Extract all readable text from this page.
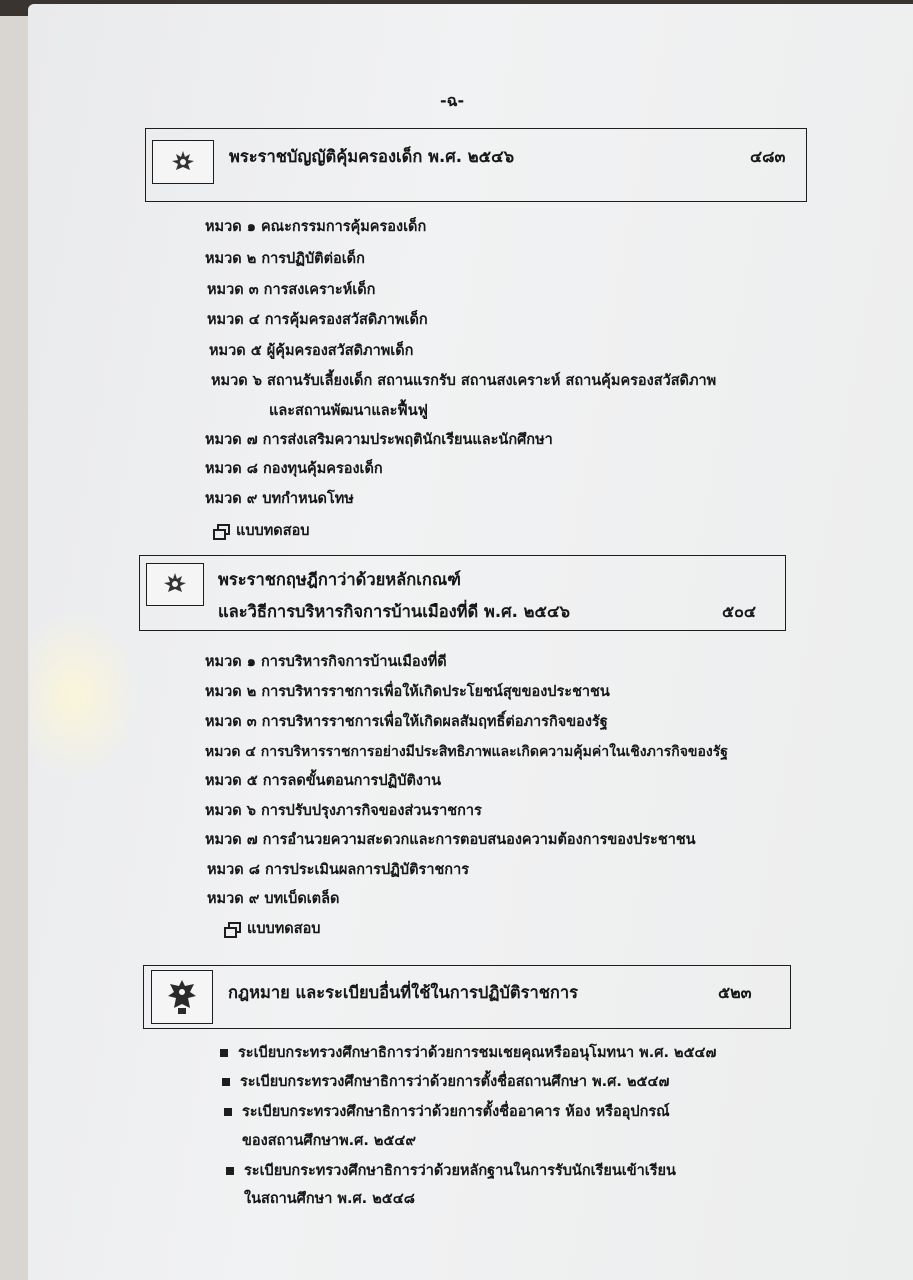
-ฉ-
พระราชบัญญัติคุ้มครองเด็ก พ.ศ. ๒๕๔๖	๔๘๓
หมวด ๑ คณะกรรมการคุ้มครองเด็ก
หมวด ๒ การปฏิบัติต่อเด็ก
หมวด ๓ การสงเคราะห์เด็ก
หมวด ๔ การคุ้มครองสวัสดิภาพเด็ก
หมวด ๕ ผู้คุ้มครองสวัสดิภาพเด็ก
หมวด ๖ สถานรับเลี้ยงเด็ก สถานแรกรับ สถานสงเคราะห์ สถานคุ้มครองสวัสดิภาพ
และสถานพัฒนาและฟื้นฟู
หมวด ๗ การส่งเสริมความประพฤตินักเรียนและนักศึกษา
หมวด ๘ กองทุนคุ้มครองเด็ก
หมวด ๙ บทกำหนดโทษ
แบบทดสอบ
พระราชกฤษฎีกาว่าด้วยหลักเกณฑ์
และวิธีการบริหารกิจการบ้านเมืองที่ดี พ.ศ. ๒๕๔๖	๕๐๔
หมวด ๑ การบริหารกิจการบ้านเมืองที่ดี
หมวด ๒ การบริหารราชการเพื่อให้เกิดประโยชน์สุขของประชาชน
หมวด ๓ การบริหารราชการเพื่อให้เกิดผลสัมฤทธิ์ต่อภารกิจของรัฐ
หมวด ๔ การบริหารราชการอย่างมีประสิทธิภาพและเกิดความคุ้มค่าในเชิงภารกิจของรัฐ
หมวด ๕ การลดขั้นตอนการปฏิบัติงาน
หมวด ๖ การปรับปรุงภารกิจของส่วนราชการ
หมวด ๗ การอำนวยความสะดวกและการตอบสนองความต้องการของประชาชน
หมวด ๘ การประเมินผลการปฏิบัติราชการ
หมวด ๙ บทเบ็ดเตล็ด
แบบทดสอบ
กฎหมาย และระเบียบอื่นที่ใช้ในการปฏิบัติราชการ	๕๒๓
ระเบียบกระทรวงศึกษาธิการว่าด้วยการชมเชยคุณหรืออนุโมทนา พ.ศ. ๒๕๔๗
ระเบียบกระทรวงศึกษาธิการว่าด้วยการตั้งชื่อสถานศึกษา พ.ศ. ๒๕๔๗
ระเบียบกระทรวงศึกษาธิการว่าด้วยการตั้งชื่ออาคาร ห้อง หรืออุปกรณ์
ของสถานศึกษาพ.ศ. ๒๕๔๙
ระเบียบกระทรวงศึกษาธิการว่าด้วยหลักฐานในการรับนักเรียนเข้าเรียน
ในสถานศึกษา พ.ศ. ๒๕๔๘
